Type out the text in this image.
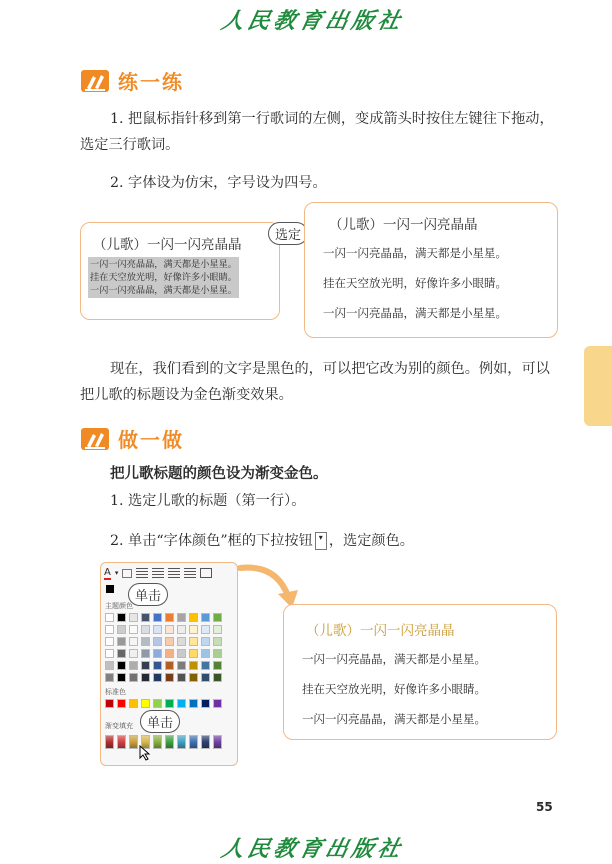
人民教育出版社
练一练
1. 把鼠标指针移到第一行歌词的左侧，变成箭头时按住左键往下拖动，选定三行歌词。
2. 字体设为仿宋，字号设为四号。
（儿歌）一闪一闪亮晶晶
一闪一闪亮晶晶，满天都是小星星。
挂在天空放光明，好像许多小眼睛。
一闪一闪亮晶晶，满天都是小星星。
选定
（儿歌）一闪一闪亮晶晶
一闪一闪亮晶晶，满天都是小星星。
挂在天空放光明，好像许多小眼睛。
一闪一闪亮晶晶，满天都是小星星。
现在，我们看到的文字是黑色的，可以把它改为别的颜色。例如，可以把儿歌的标题设为金色渐变效果。
做一做
把儿歌标题的颜色设为渐变金色。
1. 选定儿歌的标题（第一行）。
2. 单击“字体颜色”框的下拉按钮 ▾ ，选定颜色。
A ▾
主题颜色
标准色
渐变填充
单击
单击
（儿歌）一闪一闪亮晶晶
一闪一闪亮晶晶，满天都是小星星。
挂在天空放光明，好像许多小眼睛。
一闪一闪亮晶晶，满天都是小星星。
55
人民教育出版社
